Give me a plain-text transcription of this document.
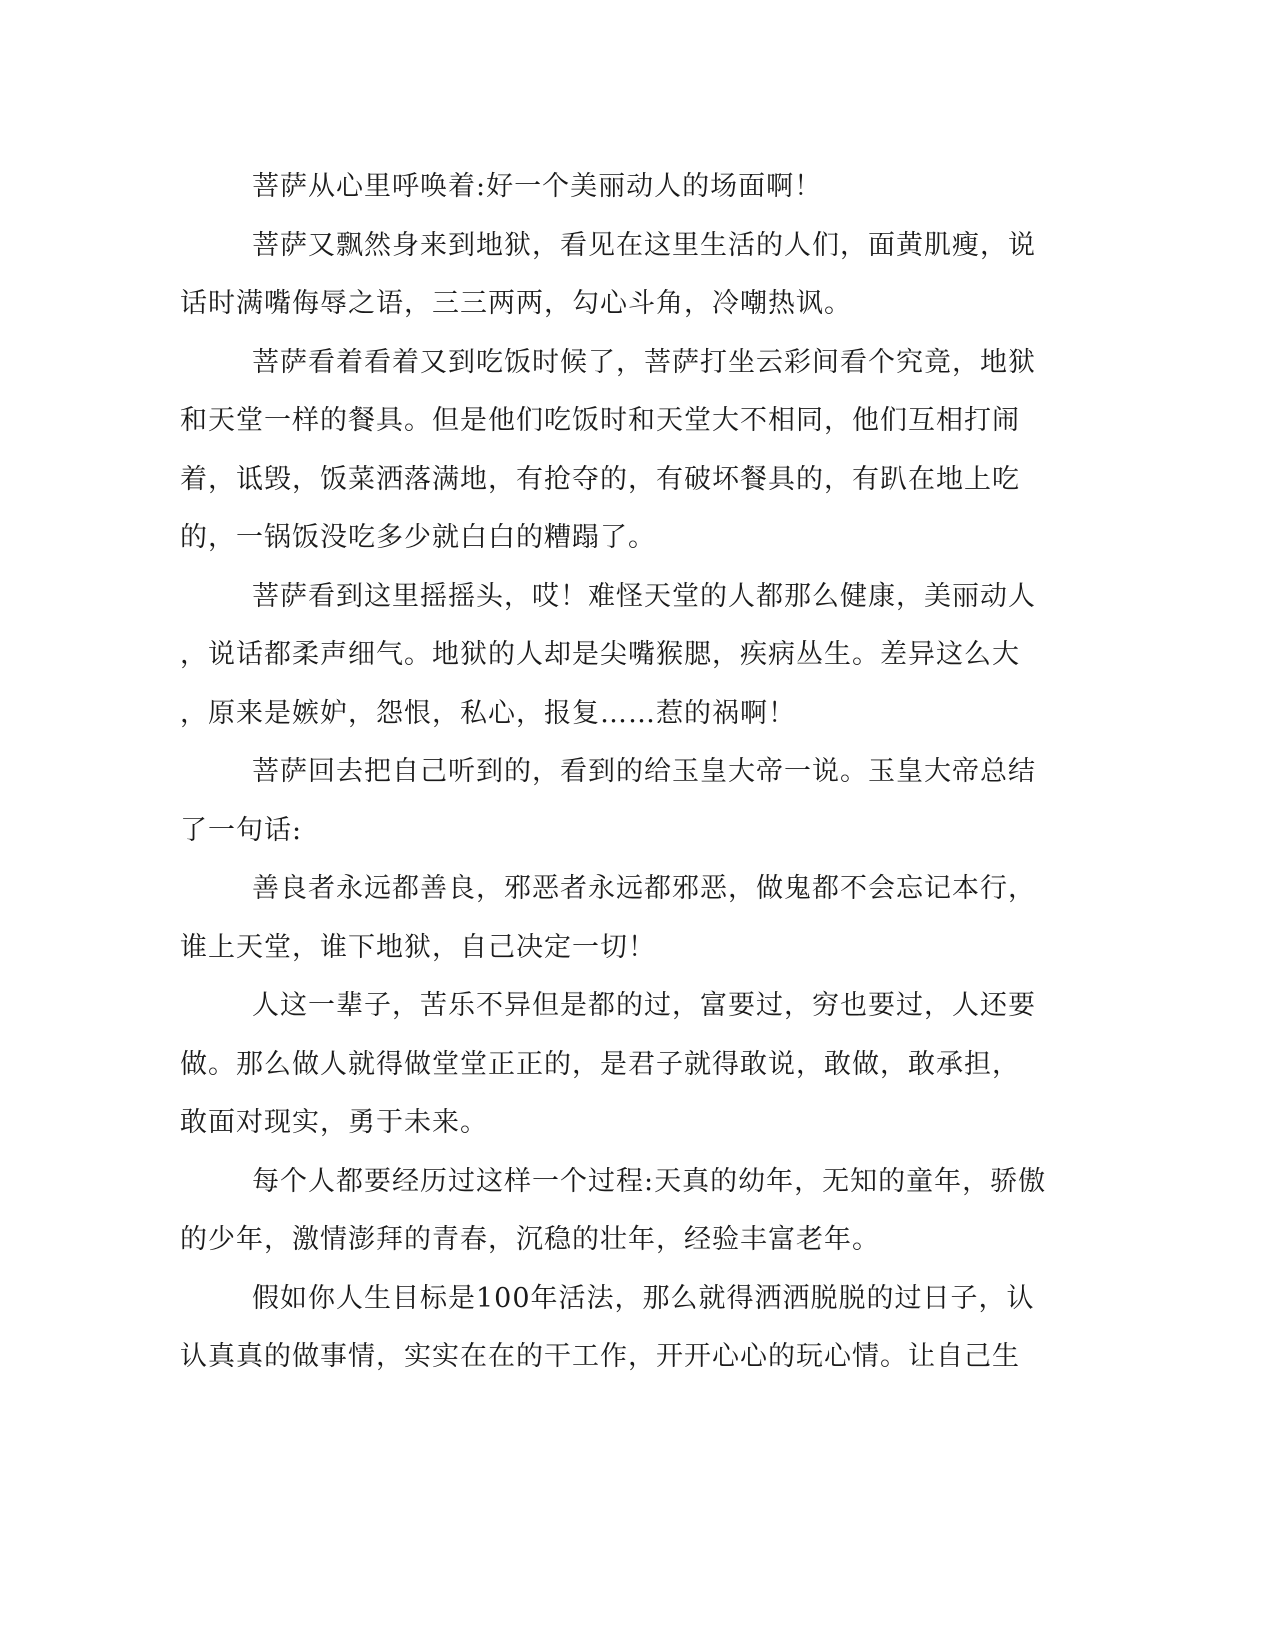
菩萨从心里呼唤着:好一个美丽动人的场面啊！
菩萨又飘然身来到地狱，看见在这里生活的人们，面黄肌瘦，说
话时满嘴侮辱之语，三三两两，勾心斗角，冷嘲热讽。
菩萨看着看着又到吃饭时候了，菩萨打坐云彩间看个究竟，地狱
和天堂一样的餐具。但是他们吃饭时和天堂大不相同，他们互相打闹
着，诋毁，饭菜洒落满地，有抢夺的，有破坏餐具的，有趴在地上吃
的，一锅饭没吃多少就白白的糟蹋了。
菩萨看到这里摇摇头，哎！难怪天堂的人都那么健康，美丽动人
，说话都柔声细气。地狱的人却是尖嘴猴腮，疾病丛生。差异这么大
，原来是嫉妒，怨恨，私心，报复……惹的祸啊！
菩萨回去把自己听到的，看到的给玉皇大帝一说。玉皇大帝总结
了一句话:
善良者永远都善良，邪恶者永远都邪恶，做鬼都不会忘记本行，
谁上天堂，谁下地狱，自己决定一切！
人这一辈子，苦乐不异但是都的过，富要过，穷也要过，人还要
做。那么做人就得做堂堂正正的，是君子就得敢说，敢做，敢承担，
敢面对现实，勇于未来。
每个人都要经历过这样一个过程:天真的幼年，无知的童年，骄傲
的少年，激情澎拜的青春，沉稳的壮年，经验丰富老年。
假如你人生目标是100年活法，那么就得洒洒脱脱的过日子，认
认真真的做事情，实实在在的干工作，开开心心的玩心情。让自己生
